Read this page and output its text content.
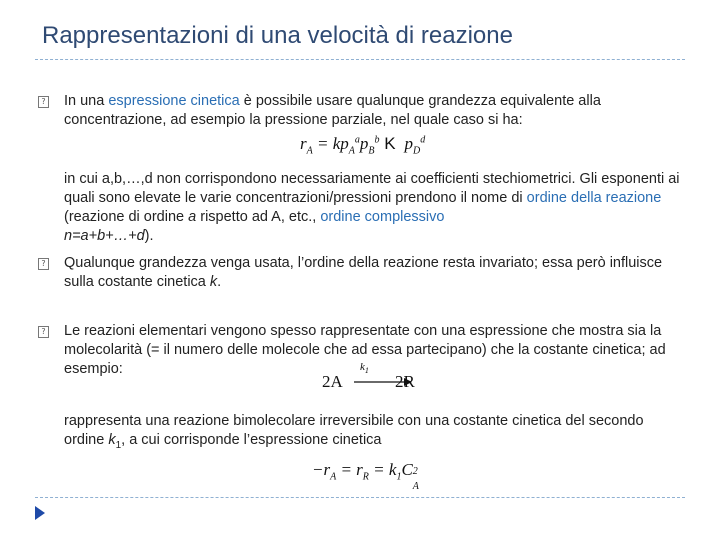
Rappresentazioni di una velocità di reazione
? In una espressione cinetica è possibile usare qualunque grandezza equivalente alla concentrazione, ad esempio la pressione parziale, nel quale caso si ha:
$r_A = kp_A^ap_B^b$ K  $p_D^d$
in cui a,b,…,d non corrispondono necessariamente ai coefficienti stechiometrici. Gli esponenti ai quali sono elevate le varie concentrazioni/pressioni prendono il nome di ordine della reazione (reazione di ordine a rispetto ad A, etc., ordine complessivo
n=a+b+…+d).
? Qualunque grandezza venga usata, l’ordine della reazione resta invariato; essa però influisce sulla costante cinetica k.
? Le reazioni elementari vengono spesso rappresentate con una espressione che mostra sia la molecolarità (= il numero delle molecole che ad essa partecipano) che la costante cinetica; ad esempio:
2A →
$k_1$
2R
rappresenta una reazione bimolecolare irreversibile con una costante cinetica del secondo ordine $k_1$, a cui corrisponde l’espressione cinetica
$-r_A = r_R = k_1C$ 2
A
